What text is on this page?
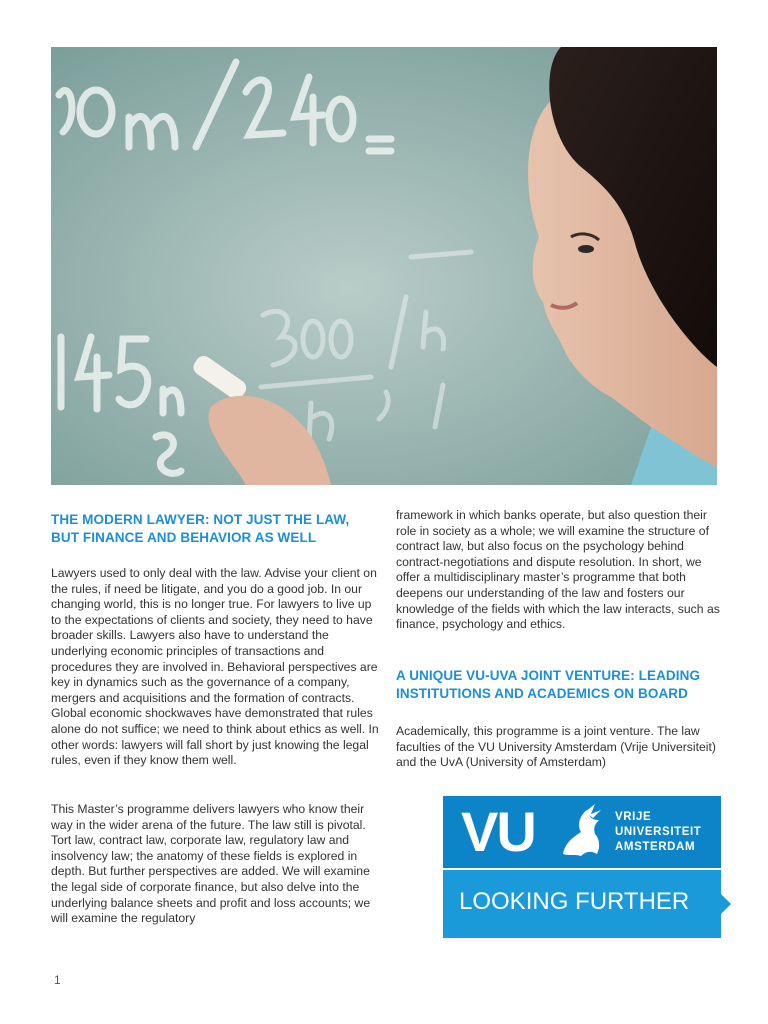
THE MODERN LAWYER: NOT JUST THE LAW,
BUT FINANCE AND BEHAVIOR AS WELL

Lawyers used to only deal with the law. Advise your client on the rules, if need be litigate, and you do a good job. In our changing world, this is no longer true. For lawyers to live up to the expectations of clients and society, they need to have broader skills. Lawyers also have to understand the underlying economic principles of transactions and procedures they are involved in. Behavioral perspectives are key in dynamics such as the governance of a company, mergers and acquisitions and the formation of contracts. Global economic shockwaves have demonstrated that rules alone do not suffice; we need to think about ethics as well. In other words: lawyers will fall short by just knowing the legal rules, even if they know them well.

This Master’s programme delivers lawyers who know their way in the wider arena of the future. The law still is pivotal. Tort law, contract law, corporate law, regulatory law and insolvency law; the anatomy of these fields is explored in depth. But further perspectives are added. We will examine the legal side of corporate finance, but also delve into the underlying balance sheets and profit and loss accounts; we will examine the regulatory

framework in which banks operate, but also question their role in society as a whole; we will examine the structure of contract law, but also focus on the psychology behind contract-negotiations and dispute resolution. In short, we offer a multidisciplinary master’s programme that both deepens our understanding of the law and fosters our knowledge of the fields with which the law interacts, such as finance, psychology and ethics.

A UNIQUE VU-UVA JOINT VENTURE: LEADING
INSTITUTIONS AND ACADEMICS ON BOARD

Academically, this programme is a joint venture. The law faculties of the VU University Amsterdam (Vrije Universiteit) and the UvA (University of Amsterdam)

VU	VRIJE
UNIVERSITEIT
AMSTERDAM
LOOKING FURTHER
1
